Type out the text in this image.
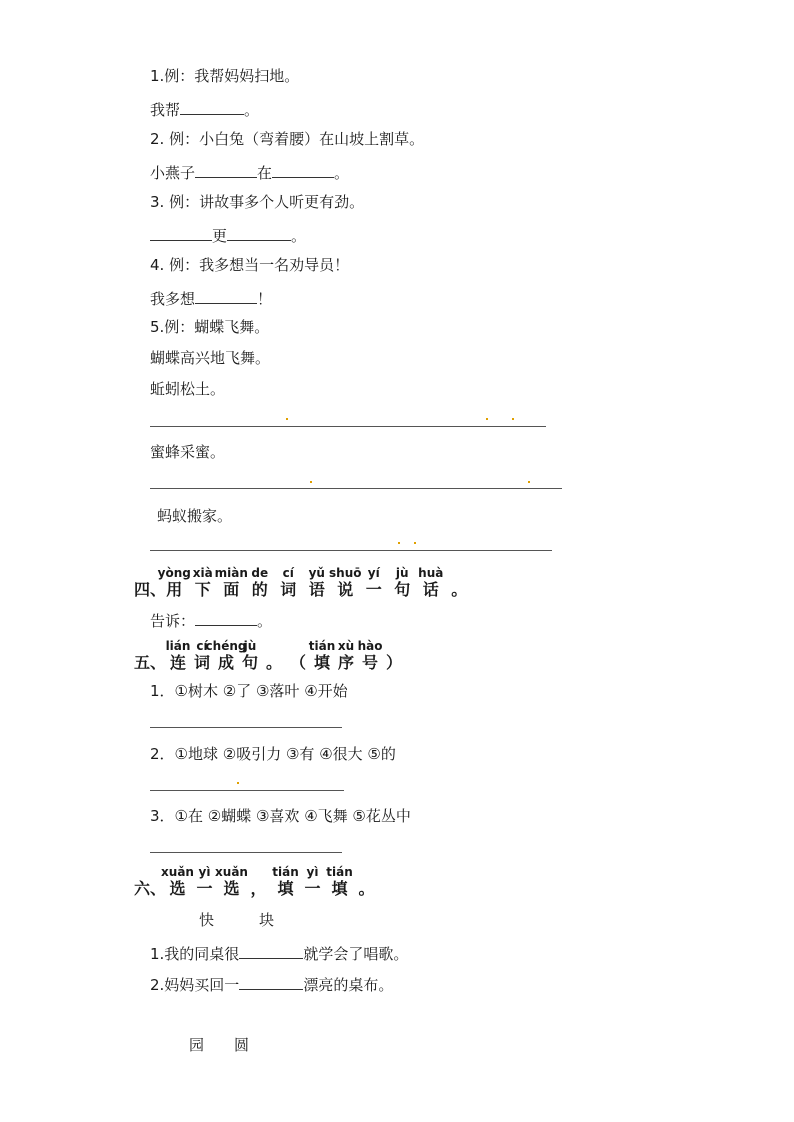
1.例：我帮妈妈扫地。
我帮	。
2. 例：小白兔（弯着腰）在山坡上割草。
小燕子	在	。
3. 例：讲故事多个人听更有劲。
更	。
4. 例：我多想当一名劝导员！
我多想	！
5.例：蝴蝶飞舞。
蝴蝶高兴地飞舞。
蚯蚓松土。
蜜蜂采蜜。
蚂蚁搬家。
四、
yòng
用
xià
下
miàn
面
de
的
cí
词
yǔ
语
shuō
说
yí
一
jù
句
huà
话
。
告诉：	。
五、
lián
连
cí
词
chéng
成
jù
句
。
（
tián
填
xù
序
hào
号
）
1．①树木 ②了 ③落叶 ④开始
2．①地球 ②吸引力 ③有 ④很大 ⑤的
3．①在 ②蝴蝶 ③喜欢 ④飞舞 ⑤花丛中
六、
xuǎn
选
yì
一
xuǎn
选
，
tián
填
yì
一
tián
填
。
快	块
1.我的同桌很	就学会了唱歌。
2.妈妈买回一	漂亮的桌布。
园 圆
